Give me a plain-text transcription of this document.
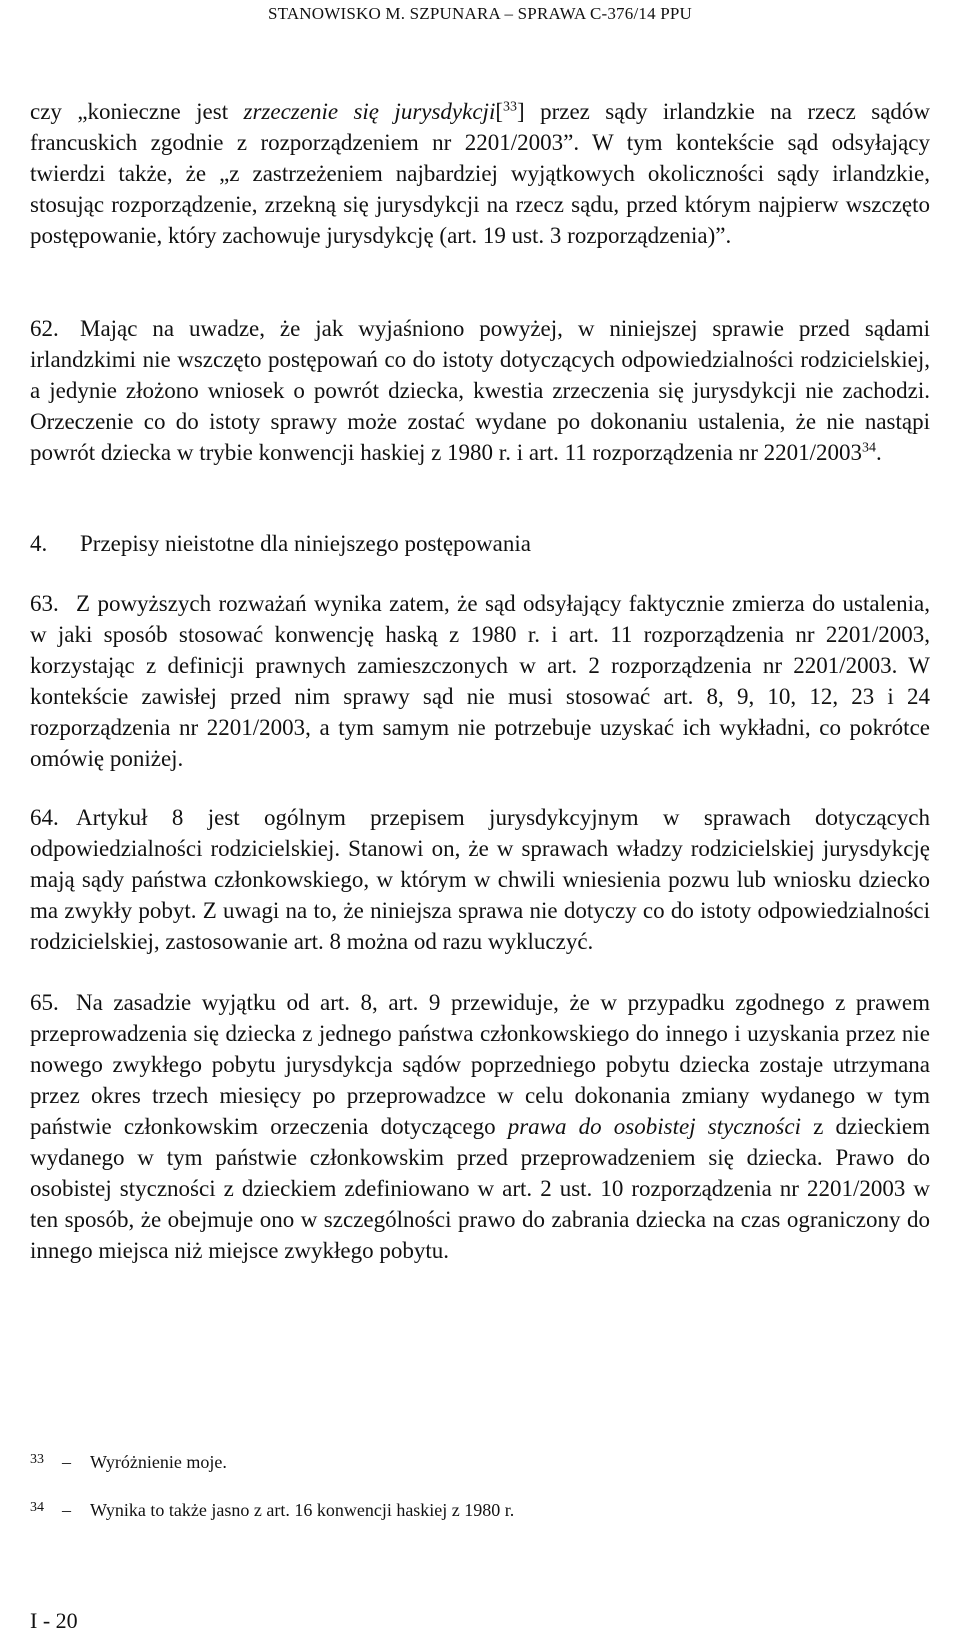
STANOWISKO M. SZPUNARA – SPRAWA C-376/14 PPU

czy „konieczne jest zrzeczenie się jurysdykcji[$^{33}$] przez sądy irlandzkie na rzecz sądów francuskich zgodnie z rozporządzeniem nr 2201/2003”. W tym kontekście sąd odsyłający twierdzi także, że „z zastrzeżeniem najbardziej wyjątkowych okoliczności sądy irlandzkie, stosując rozporządzenie, zrzekną się jurysdykcji na rzecz sądu, przed którym najpierw wszczęto postępowanie, który zachowuje jurysdykcję (art. 19 ust. 3 rozporządzenia)”.

62. Mając na uwadze, że jak wyjaśniono powyżej, w niniejszej sprawie przed sądami irlandzkimi nie wszczęto postępowań co do istoty dotyczących odpowiedzialności rodzicielskiej, a jedynie złożono wniosek o powrót dziecka, kwestia zrzeczenia się jurysdykcji nie zachodzi. Orzeczenie co do istoty sprawy może zostać wydane po dokonaniu ustalenia, że nie nastąpi powrót dziecka w trybie konwencji haskiej z 1980 r. i art. 11 rozporządzenia nr 2201/2003$^{34}$.

4. Przepisy nieistotne dla niniejszego postępowania

63. Z powyższych rozważań wynika zatem, że sąd odsyłający faktycznie zmierza do ustalenia, w jaki sposób stosować konwencję haską z 1980 r. i art. 11 rozporządzenia nr 2201/2003, korzystając z definicji prawnych zamieszczonych w art. 2 rozporządzenia nr 2201/2003. W kontekście zawisłej przed nim sprawy sąd nie musi stosować art. 8, 9, 10, 12, 23 i 24 rozporządzenia nr 2201/2003, a tym samym nie potrzebuje uzyskać ich wykładni, co pokrótce omówię poniżej.

64. Artykuł 8 jest ogólnym przepisem jurysdykcyjnym w sprawach dotyczących odpowiedzialności rodzicielskiej. Stanowi on, że w sprawach władzy rodzicielskiej jurysdykcję mają sądy państwa członkowskiego, w którym w chwili wniesienia pozwu lub wniosku dziecko ma zwykły pobyt. Z uwagi na to, że niniejsza sprawa nie dotyczy co do istoty odpowiedzialności rodzicielskiej, zastosowanie art. 8 można od razu wykluczyć.

65. Na zasadzie wyjątku od art. 8, art. 9 przewiduje, że w przypadku zgodnego z prawem przeprowadzenia się dziecka z jednego państwa członkowskiego do innego i uzyskania przez nie nowego zwykłego pobytu jurysdykcja sądów poprzedniego pobytu dziecka zostaje utrzymana przez okres trzech miesięcy po przeprowadzce w celu dokonania zmiany wydanego w tym państwie członkowskim orzeczenia dotyczącego prawa do osobistej styczności z dzieckiem wydanego w tym państwie członkowskim przed przeprowadzeniem się dziecka. Prawo do osobistej styczności z dzieckiem zdefiniowano w art. 2 ust. 10 rozporządzenia nr 2201/2003 w ten sposób, że obejmuje ono w szczególności prawo do zabrania dziecka na czas ograniczony do innego miejsca niż miejsce zwykłego pobytu.

33 – Wyróżnienie moje.
34 – Wynika to także jasno z art. 16 konwencji haskiej z 1980 r.
I - 20
